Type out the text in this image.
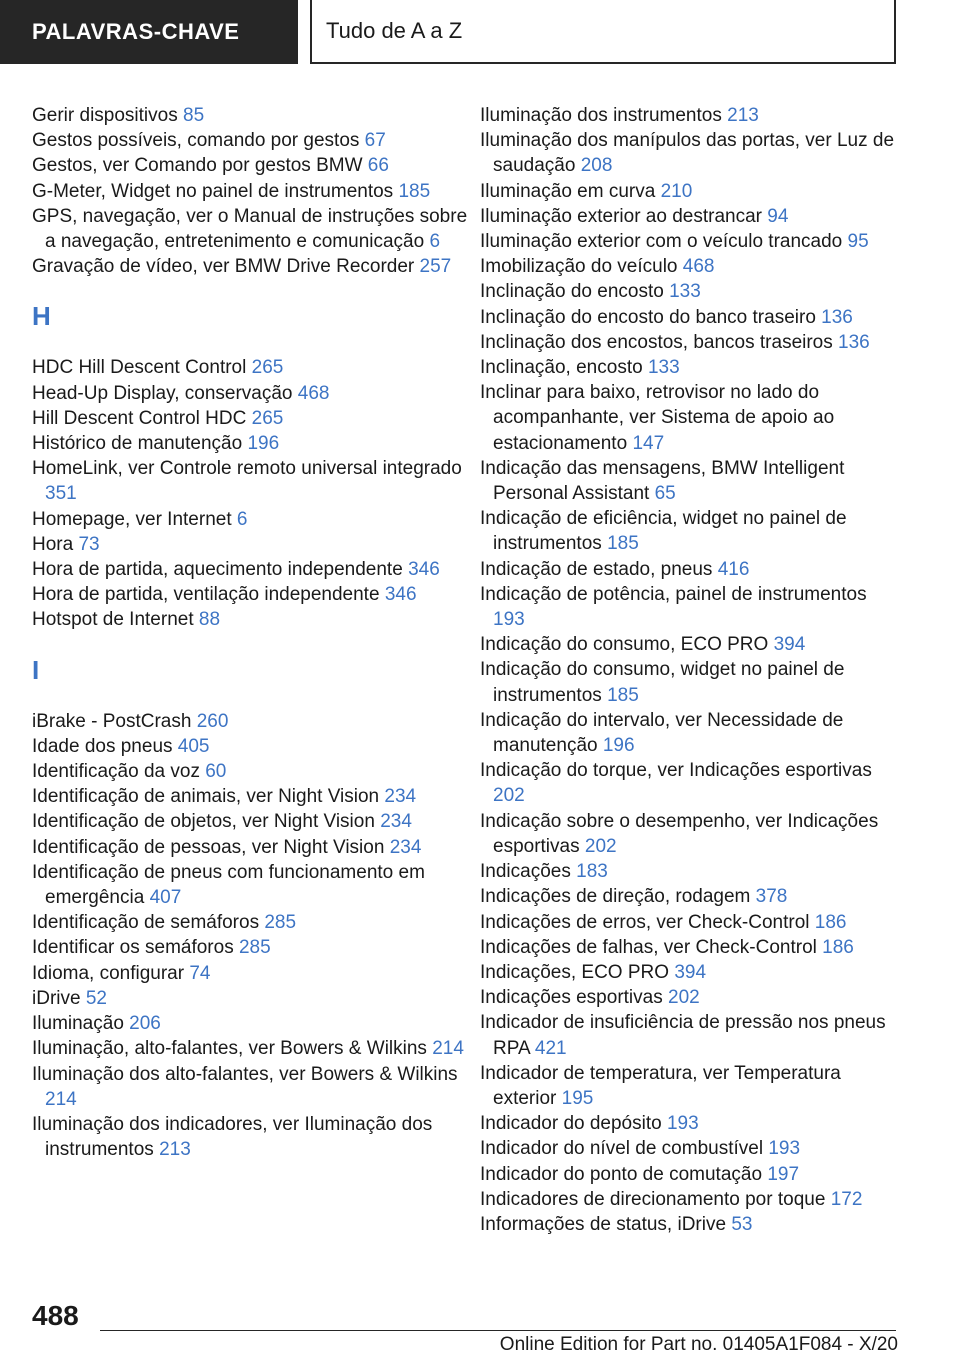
PALAVRAS-CHAVE	Tudo de A a Z
Gerir dispositivos 85
Gestos possíveis, comando por gestos 67
Gestos, ver Comando por gestos BMW 66
G-Meter, Widget no painel de instrumentos 185
GPS, navegação, ver o Manual de instruções sobre a navegação, entretenimento e comunicação 6
Gravação de vídeo, ver BMW Drive Recorder 257
H
HDC Hill Descent Control 265
Head-Up Display, conservação 468
Hill Descent Control HDC 265
Histórico de manutenção 196
HomeLink, ver Controle remoto universal integrado 351
Homepage, ver Internet 6
Hora 73
Hora de partida, aquecimento independente 346
Hora de partida, ventilação independente 346
Hotspot de Internet 88
I
iBrake - PostCrash 260
Idade dos pneus 405
Identificação da voz 60
Identificação de animais, ver Night Vision 234
Identificação de objetos, ver Night Vision 234
Identificação de pessoas, ver Night Vision 234
Identificação de pneus com funcionamento em emergência 407
Identificação de semáforos 285
Identificar os semáforos 285
Idioma, configurar 74
iDrive 52
Iluminação 206
Iluminação, alto-falantes, ver Bowers & Wilkins 214
Iluminação dos alto-falantes, ver Bowers & Wilkins 214
Iluminação dos indicadores, ver Iluminação dos instrumentos 213
Iluminação dos instrumentos 213
Iluminação dos manípulos das portas, ver Luz de saudação 208
Iluminação em curva 210
Iluminação exterior ao destrancar 94
Iluminação exterior com o veículo trancado 95
Imobilização do veículo 468
Inclinação do encosto 133
Inclinação do encosto do banco traseiro 136
Inclinação dos encostos, bancos traseiros 136
Inclinação, encosto 133
Inclinar para baixo, retrovisor no lado do acompanhante, ver Sistema de apoio ao estacionamento 147
Indicação das mensagens, BMW Intelligent Personal Assistant 65
Indicação de eficiência, widget no painel de instrumentos 185
Indicação de estado, pneus 416
Indicação de potência, painel de instrumentos 193
Indicação do consumo, ECO PRO 394
Indicação do consumo, widget no painel de instrumentos 185
Indicação do intervalo, ver Necessidade de manutenção 196
Indicação do torque, ver Indicações esportivas 202
Indicação sobre o desempenho, ver Indicações esportivas 202
Indicações 183
Indicações de direção, rodagem 378
Indicações de erros, ver Check-Control 186
Indicações de falhas, ver Check-Control 186
Indicações, ECO PRO 394
Indicações esportivas 202
Indicador de insuficiência de pressão nos pneus RPA 421
Indicador de temperatura, ver Temperatura exterior 195
Indicador do depósito 193
Indicador do nível de combustível 193
Indicador do ponto de comutação 197
Indicadores de direcionamento por toque 172
Informações de status, iDrive 53
488
Online Edition for Part no. 01405A1F084 - X/20
